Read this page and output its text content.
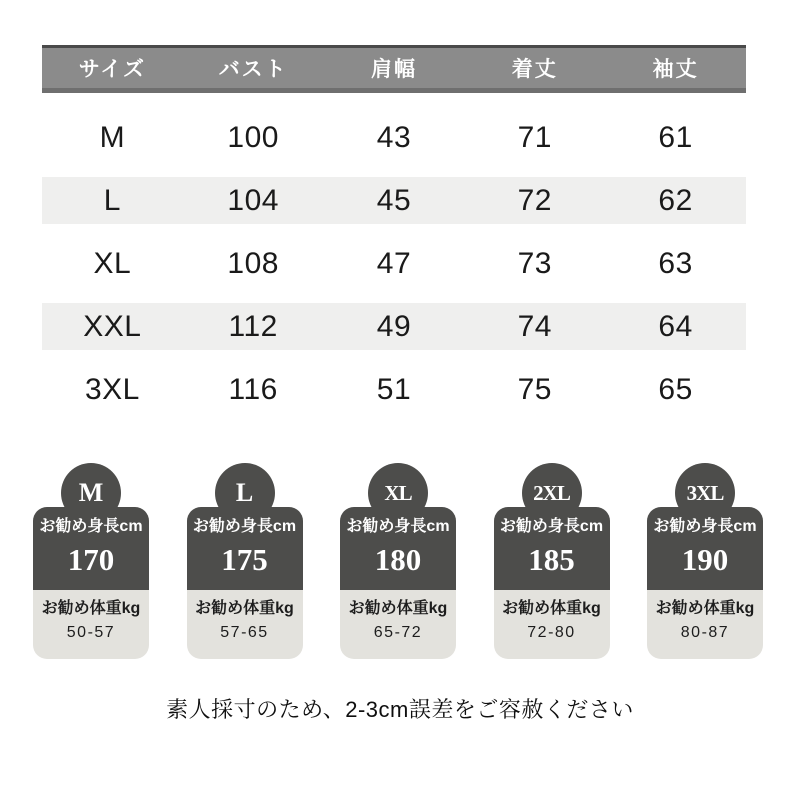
サイズ	バスト	肩幅	着丈	袖丈
M	100	43	71	61
L	104	45	72	62
XL	108	47	73	63
XXL	112	49	74	64
3XL	116	51	75	65
M
お勧め身長cm
170
お勧め体重kg
50-57
L
お勧め身長cm
175
お勧め体重kg
57-65
XL
お勧め身長cm
180
お勧め体重kg
65-72
2XL
お勧め身長cm
185
お勧め体重kg
72-80
3XL
お勧め身長cm
190
お勧め体重kg
80-87
素人採寸のため、2-3cm誤差をご容赦ください
